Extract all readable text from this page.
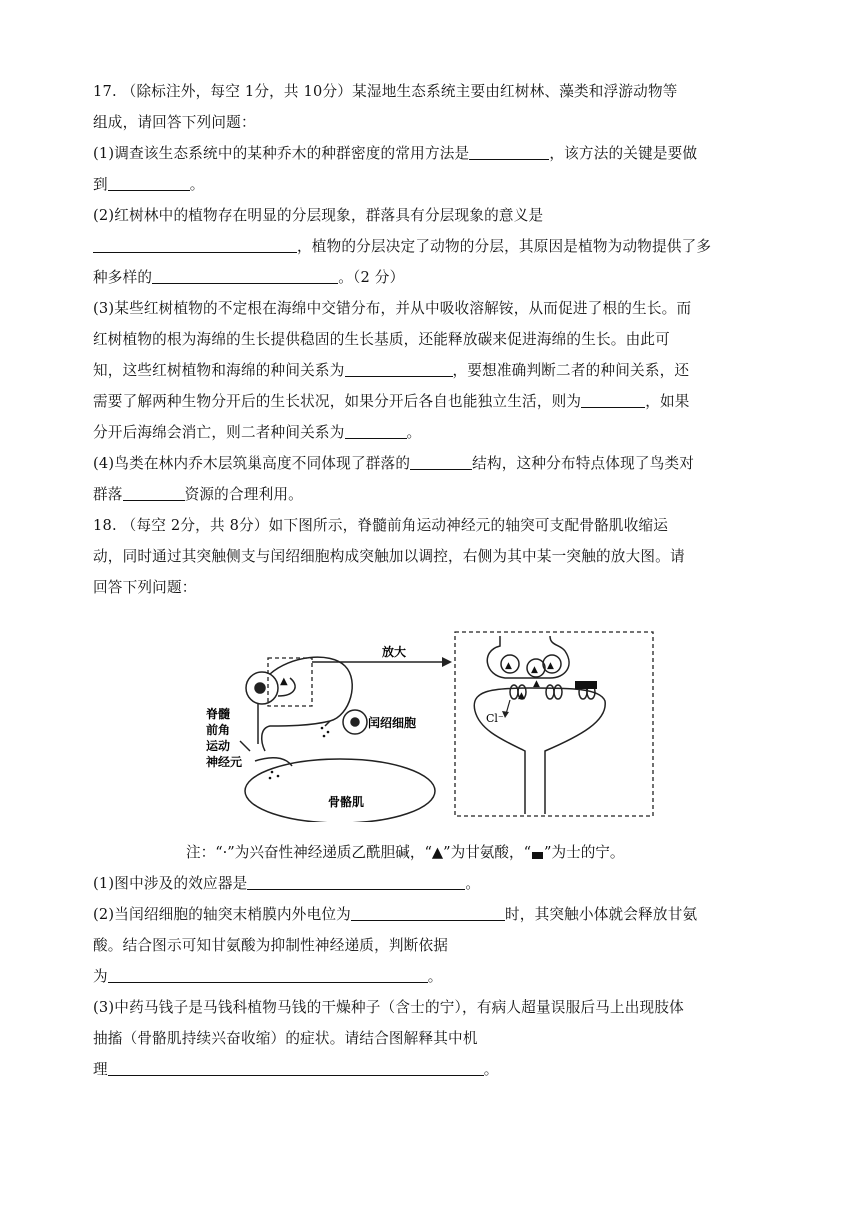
17. （除标注外，每空 1分，共 10分）某湿地生态系统主要由红树林、藻类和浮游动物等
组成，请回答下列问题：
(1)调查该生态系统中的某种乔木的种群密度的常用方法是	，该方法的关键是要做
到	。
(2)红树林中的植物存在明显的分层现象，群落具有分层现象的意义是
，植物的分层决定了动物的分层，其原因是植物为动物提供了多
种多样的	。（2 分）
(3)某些红树植物的不定根在海绵中交错分布，并从中吸收溶解铵，从而促进了根的生长。而
红树植物的根为海绵的生长提供稳固的生长基质，还能释放碳来促进海绵的生长。由此可
知，这些红树植物和海绵的种间关系为	，要想准确判断二者的种间关系，还
需要了解两种生物分开后的生长状况，如果分开后各自也能独立生活，则为	，如果
分开后海绵会消亡，则二者种间关系为	。
(4)鸟类在林内乔木层筑巢高度不同体现了群落的	结构，这种分布特点体现了鸟类对
群落	资源的合理利用。
18. （每空 2分，共 8分）如下图所示，脊髓前角运动神经元的轴突可支配骨骼肌收缩运
动，同时通过其突触侧支与闰绍细胞构成突触加以调控，右侧为其中某一突触的放大图。请
回答下列问题：
▲
脊髓
前角
运动
神经元
闰绍细胞
骨骼肌
放大
▲ ▲ ▲
▲
▲
Cl⁻
注：“·”为兴奋性神经递质乙酰胆碱，“▲”为甘氨酸，“ ”为士的宁。
(1)图中涉及的效应器是	。
(2)当闰绍细胞的轴突末梢膜内外电位为	时，其突触小体就会释放甘氨
酸。结合图示可知甘氨酸为抑制性神经递质，判断依据
为	。
(3)中药马钱子是马钱科植物马钱的干燥种子（含士的宁），有病人超量误服后马上出现肢体
抽搐（骨骼肌持续兴奋收缩）的症状。请结合图解释其中机
理	。
